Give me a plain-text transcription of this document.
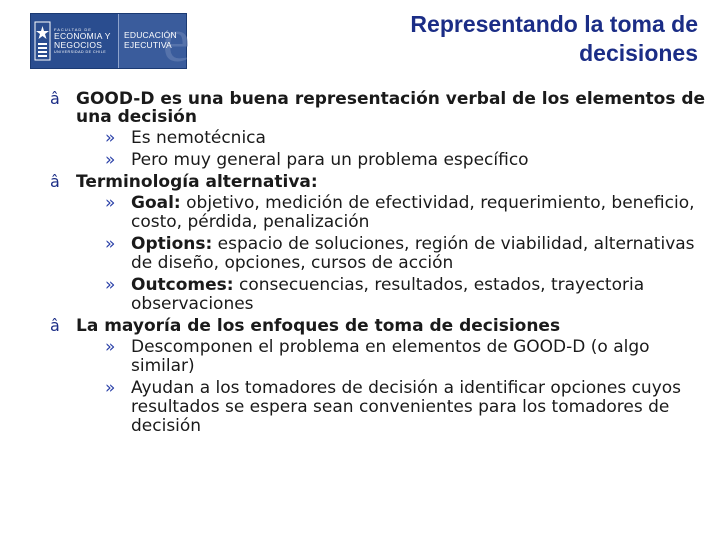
FACULTAD DE
ECONOMIA Y
NEGOCIOS
UNIVERSIDAD DE CHILE e
EDUCACIÓN
EJECUTIVA
Representando la toma de
decisiones
â GOOD-D es una buena representación verbal de los elementos de una decisión
» Es nemotécnica
» Pero muy general para un problema específico
â Terminología alternativa:
» Goal: objetivo, medición de efectividad, requerimiento, beneficio, costo, pérdida, penalización
» Options: espacio de soluciones, región de viabilidad, alternativas de diseño, opciones, cursos de acción
» Outcomes: consecuencias, resultados, estados, trayectoria observaciones
â La mayoría de los enfoques de toma de decisiones
» Descomponen el problema en elementos de GOOD-D (o algo similar)
» Ayudan a los tomadores de decisión a identificar opciones cuyos resultados se espera sean convenientes para los tomadores de decisión
